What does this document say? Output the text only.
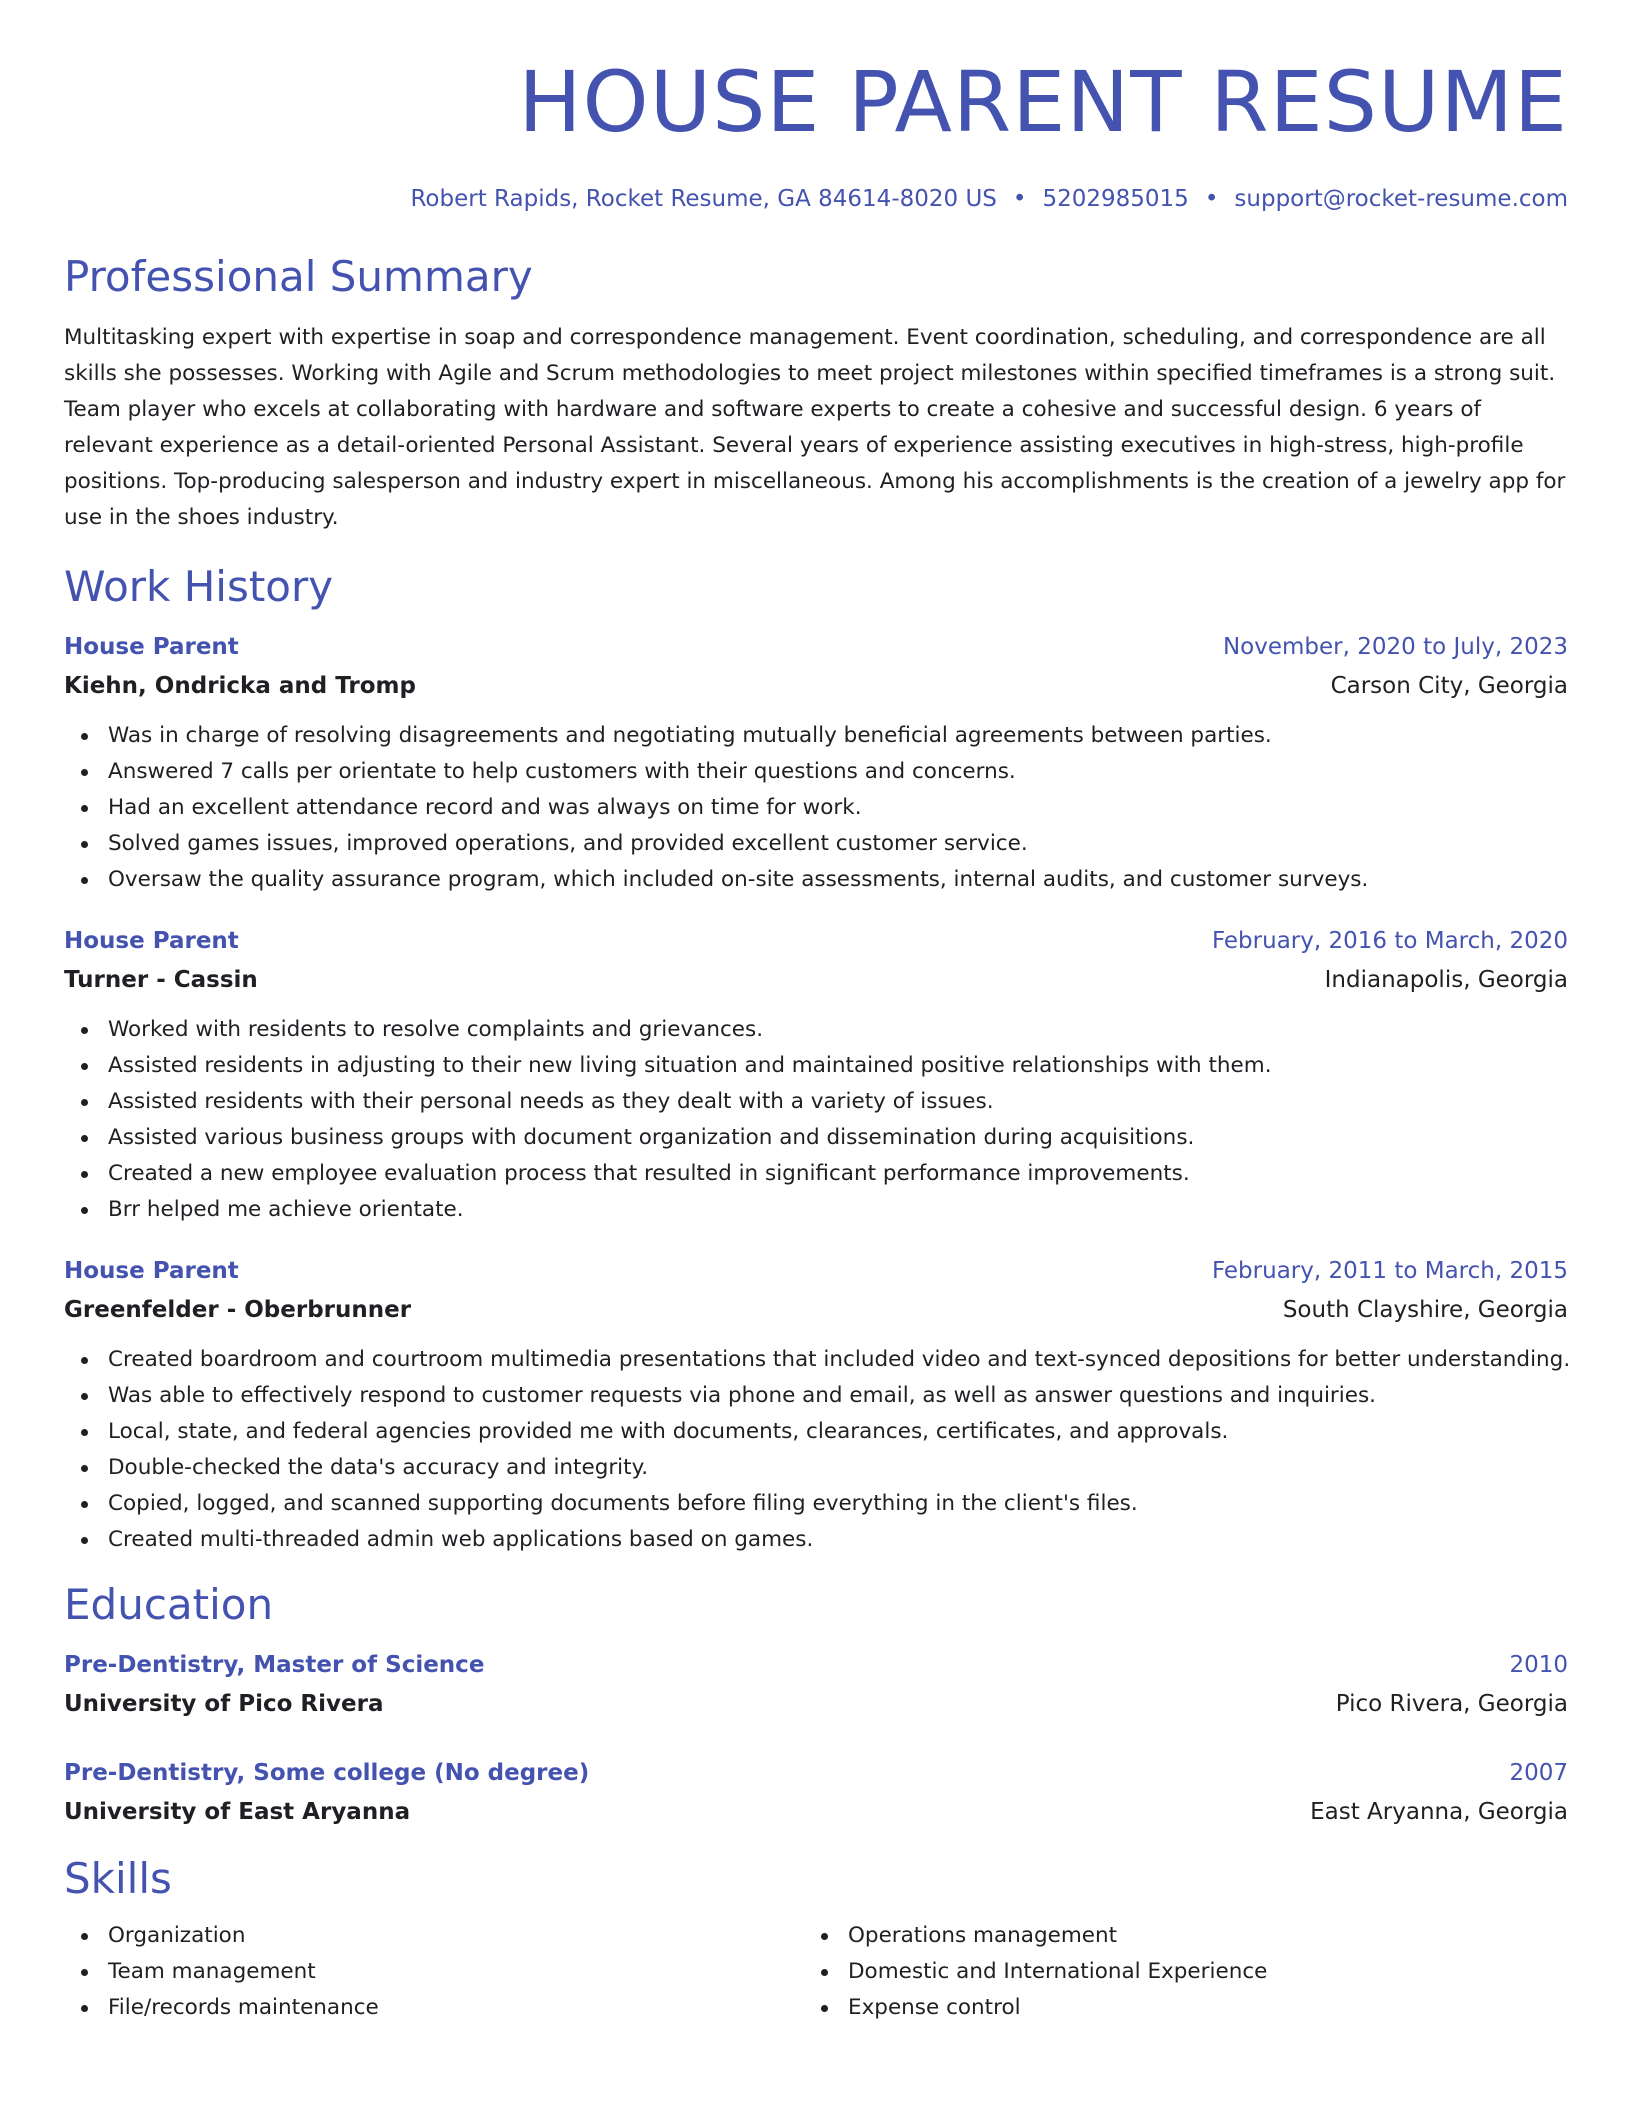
HOUSE PARENT RESUME
Robert Rapids, Rocket Resume, GA 84614-8020 US • 5202985015 • support@rocket-resume.com
Professional Summary
Multitasking expert with expertise in soap and correspondence management. Event coordination, scheduling, and correspondence are all skills she possesses. Working with Agile and Scrum methodologies to meet project milestones within specified timeframes is a strong suit. Team player who excels at collaborating with hardware and software experts to create a cohesive and successful design. 6 years of relevant experience as a detail-oriented Personal Assistant. Several years of experience assisting executives in high-stress, high-profile positions. Top-producing salesperson and industry expert in miscellaneous. Among his accomplishments is the creation of a jewelry app for use in the shoes industry.
Work History
House Parent	November, 2020 to July, 2023
Kiehn, Ondricka and Tromp	Carson City, Georgia
Was in charge of resolving disagreements and negotiating mutually beneficial agreements between parties.
Answered 7 calls per orientate to help customers with their questions and concerns.
Had an excellent attendance record and was always on time for work.
Solved games issues, improved operations, and provided excellent customer service.
Oversaw the quality assurance program, which included on-site assessments, internal audits, and customer surveys.
House Parent	February, 2016 to March, 2020
Turner - Cassin	Indianapolis, Georgia
Worked with residents to resolve complaints and grievances.
Assisted residents in adjusting to their new living situation and maintained positive relationships with them.
Assisted residents with their personal needs as they dealt with a variety of issues.
Assisted various business groups with document organization and dissemination during acquisitions.
Created a new employee evaluation process that resulted in significant performance improvements.
Brr helped me achieve orientate.
House Parent	February, 2011 to March, 2015
Greenfelder - Oberbrunner	South Clayshire, Georgia
Created boardroom and courtroom multimedia presentations that included video and text-synced depositions for better understanding.
Was able to effectively respond to customer requests via phone and email, as well as answer questions and inquiries.
Local, state, and federal agencies provided me with documents, clearances, certificates, and approvals.
Double-checked the data's accuracy and integrity.
Copied, logged, and scanned supporting documents before filing everything in the client's files.
Created multi-threaded admin web applications based on games.
Education
Pre-Dentistry, Master of Science	2010
University of Pico Rivera	Pico Rivera, Georgia
Pre-Dentistry, Some college (No degree)	2007
University of East Aryanna	East Aryanna, Georgia
Skills
Organization
Team management
File/records maintenance
Operations management
Domestic and International Experience
Expense control
